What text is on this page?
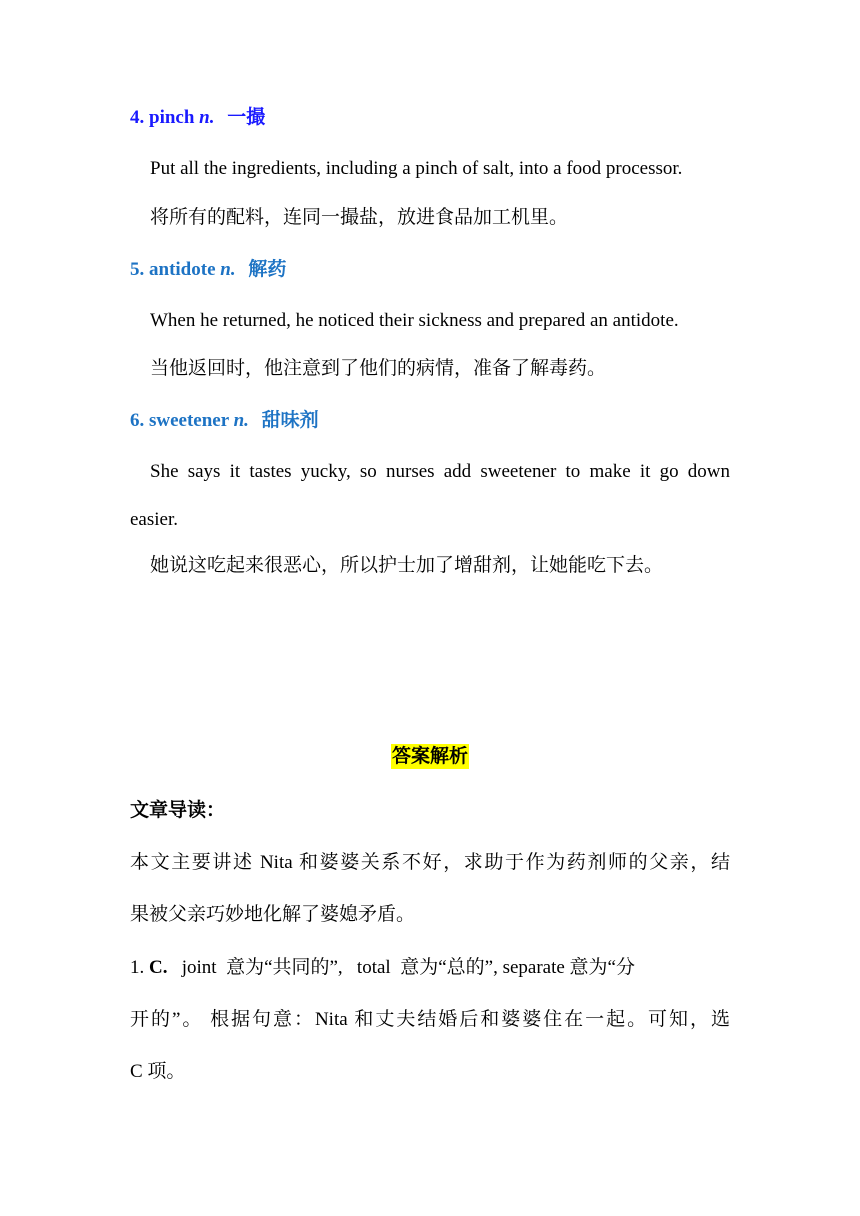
4. pinch n. 一撮
Put all the ingredients, including a pinch of salt, into a food processor.
将所有的配料，连同一撮盐，放进食品加工机里。
5. antidote n. 解药
When he returned, he noticed their sickness and prepared an antidote.
当他返回时，他注意到了他们的病情，准备了解毒药。
6. sweetener n. 甜味剂
She says it tastes yucky, so nurses add sweetener to make it go down
easier.
她说这吃起来很恶心，所以护士加了增甜剂，让她能吃下去。
答案解析
文章导读：
本文主要讲述 Nita 和婆婆关系不好，求助于作为药剂师的父亲，结
果被父亲巧妙地化解了婆媳矛盾。
1. C.   joint  意为“共同的”,   total  意为“总的”, separate 意为“分
开的”。 根据句意：Nita 和丈夫结婚后和婆婆住在一起。可知，选
C 项。
